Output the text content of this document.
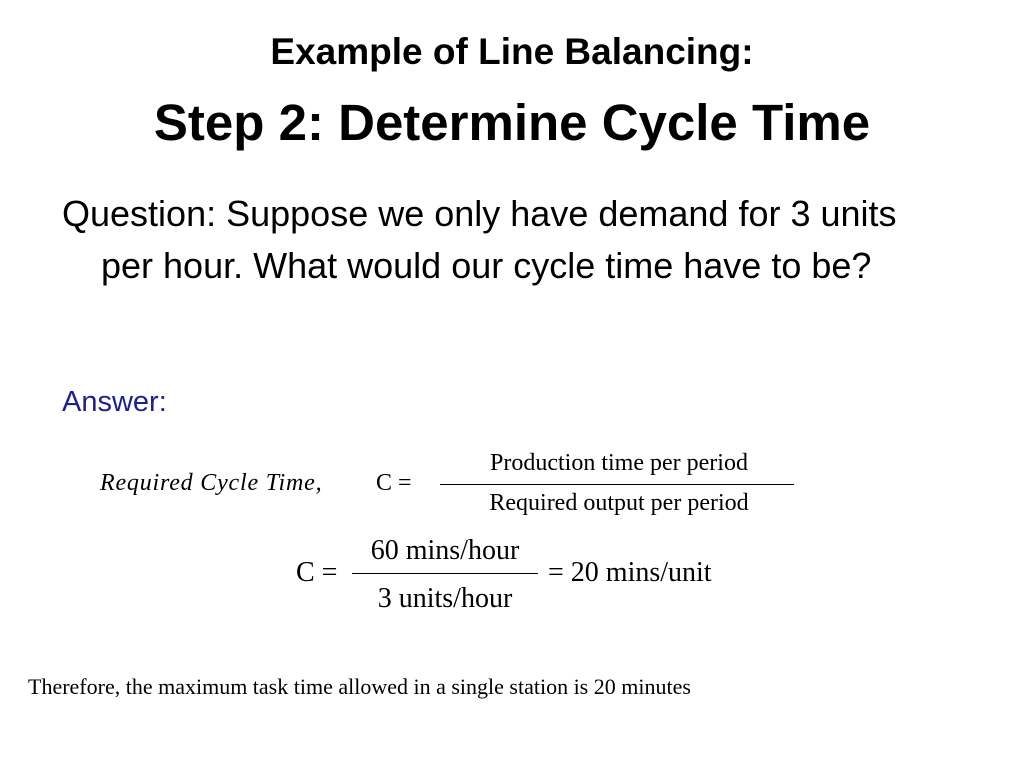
Example of Line Balancing:
Step 2: Determine Cycle Time
Question: Suppose we only have demand for 3 units per hour. What would our cycle time have to be?
Answer:
Required Cycle Time, C =
Production time per period
Required output per period
C =
60 mins/hour
3 units/hour
= 20 mins/unit
Therefore, the maximum task time allowed in a single station is 20 minutes
